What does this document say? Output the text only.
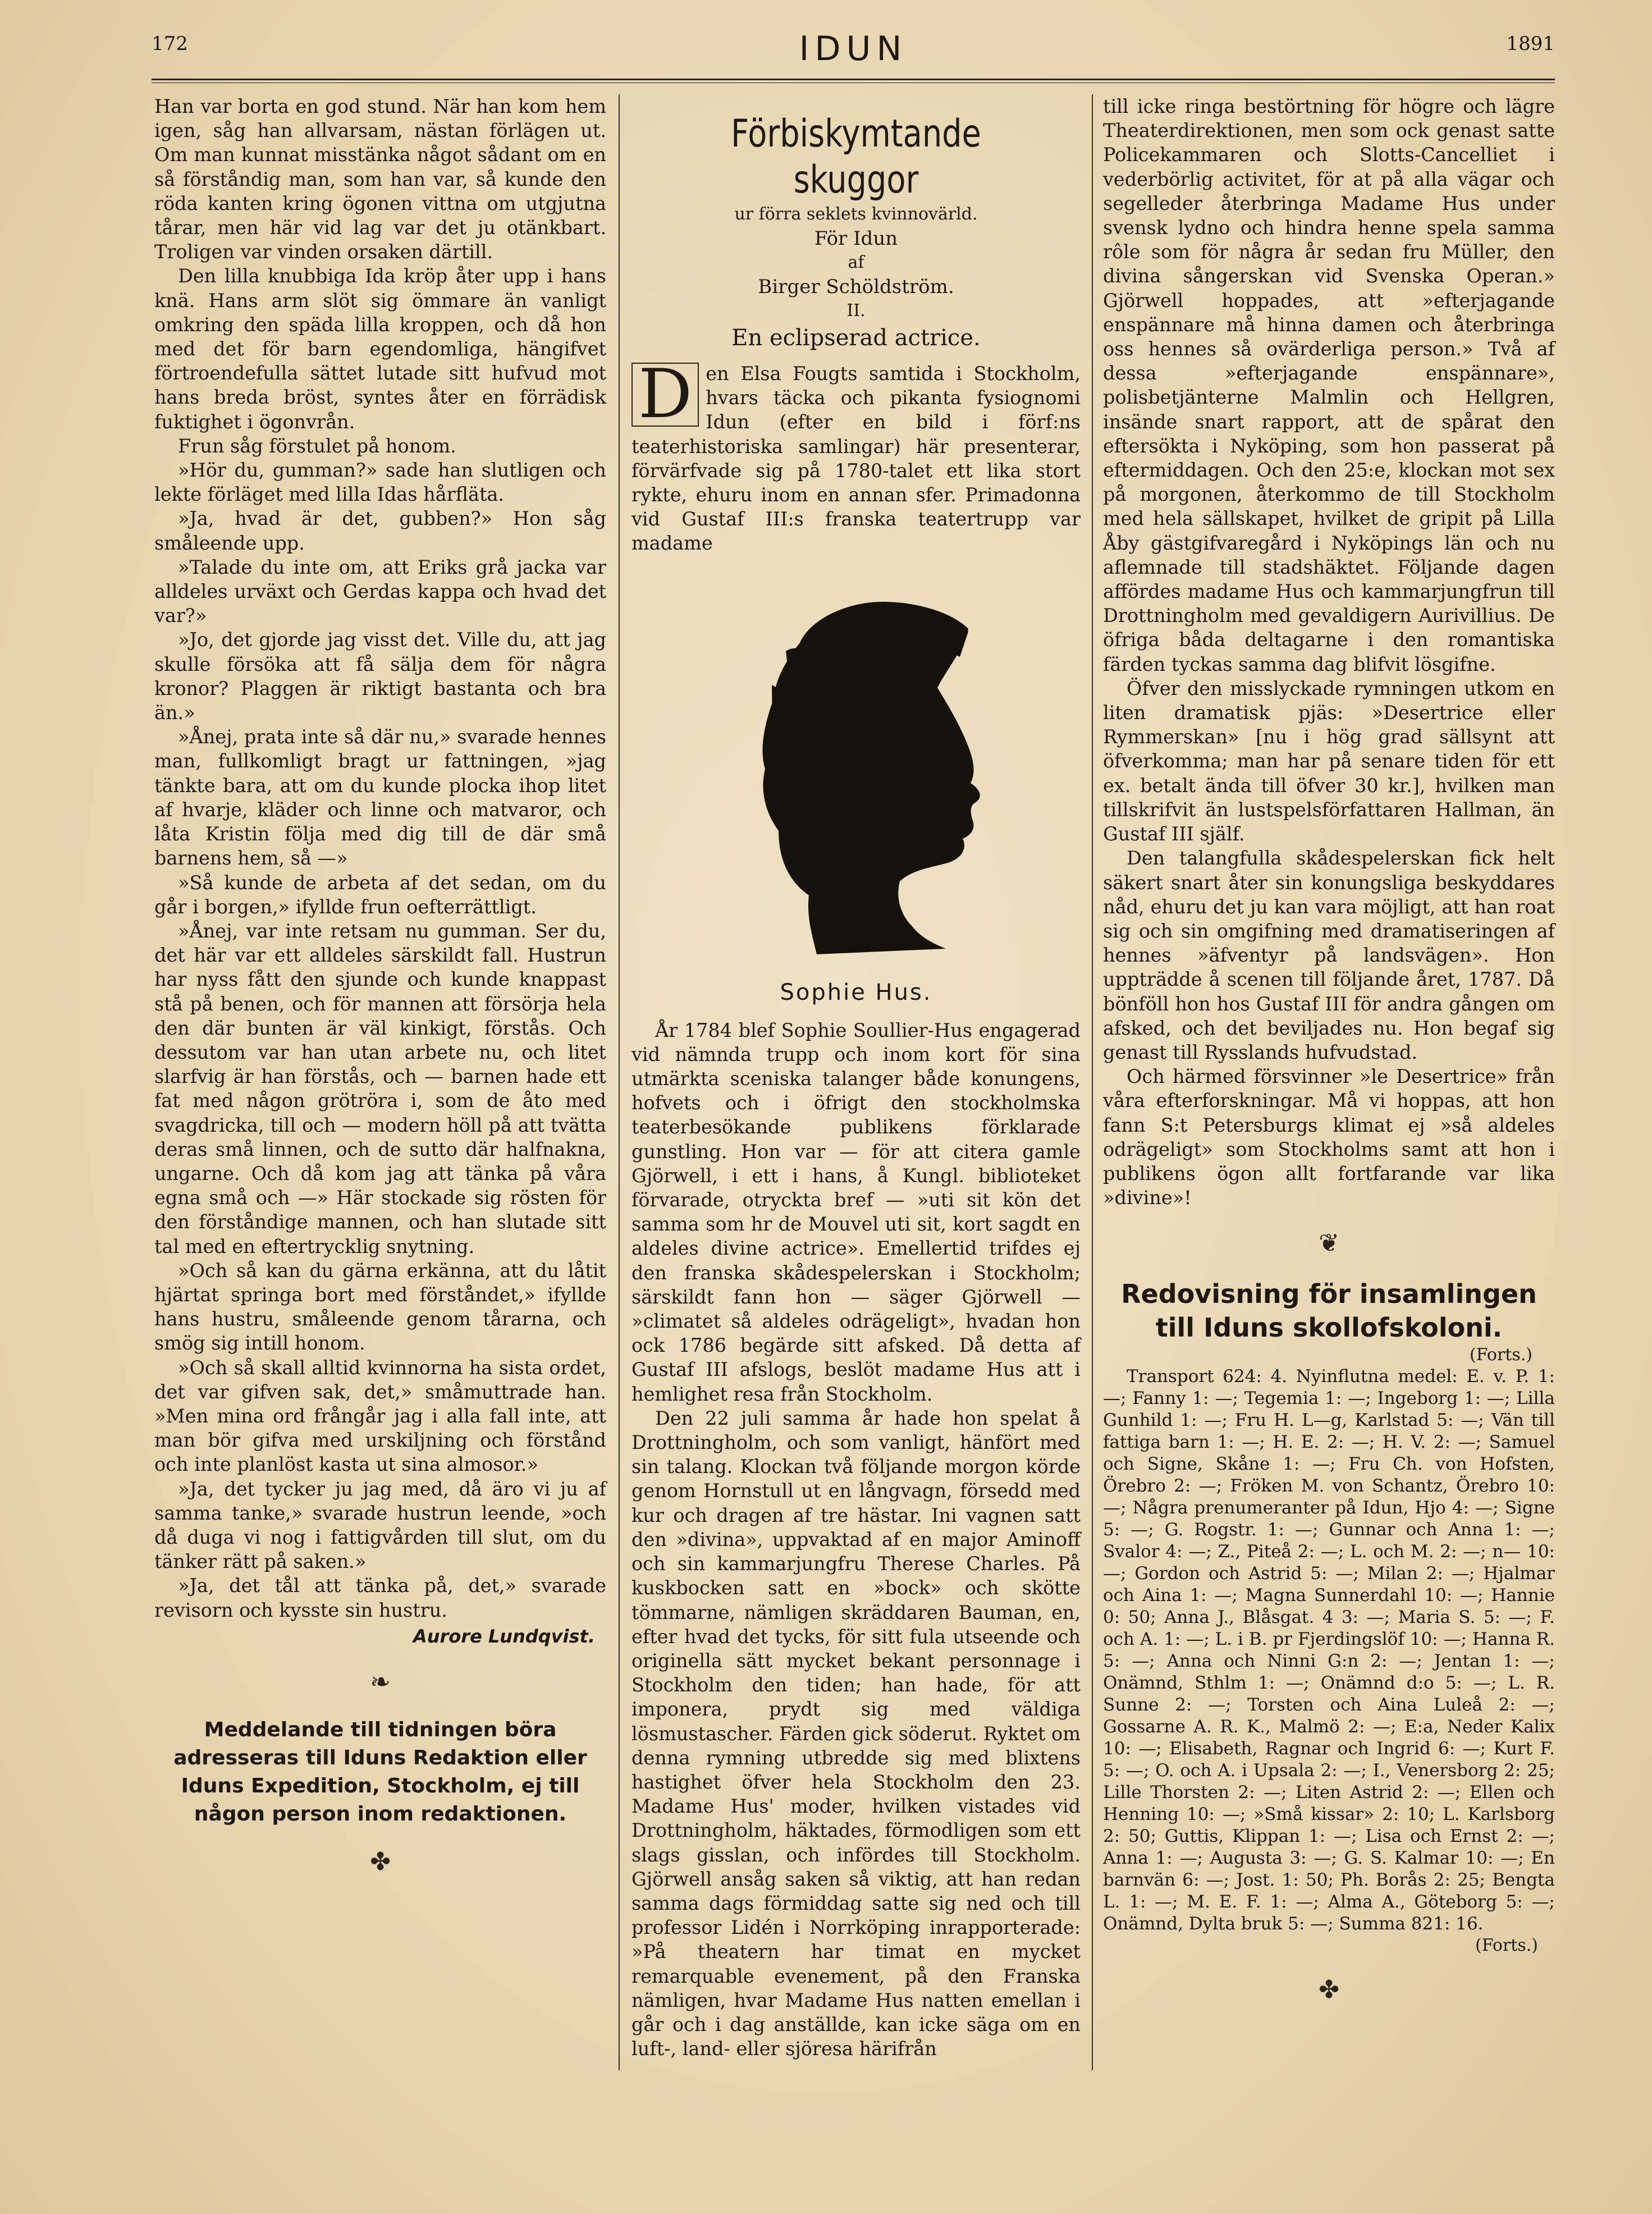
172	IDUN	1891

Han var borta en god stund. När han kom hem igen, såg han allvarsam, nästan förlägen ut. Om man kunnat misstänka något sådant om en så förståndig man, som han var, så kunde den röda kanten kring ögonen vittna om utgjutna tårar, men här vid lag var det ju otänkbart. Troligen var vinden orsaken därtill.

Den lilla knubbiga Ida kröp åter upp i hans knä. Hans arm slöt sig ömmare än vanligt omkring den späda lilla kroppen, och då hon med det för barn egendomliga, hängifvet förtroendefulla sättet lutade sitt hufvud mot hans breda bröst, syntes åter en förrädisk fuktighet i ögonvrån.

Frun såg förstulet på honom.

»Hör du, gumman?» sade han slutligen och lekte förläget med lilla Idas hårfläta.

»Ja, hvad är det, gubben?» Hon såg småleende upp.

»Talade du inte om, att Eriks grå jacka var alldeles urväxt och Gerdas kappa och hvad det var?»

»Jo, det gjorde jag visst det. Ville du, att jag skulle försöka att få sälja dem för några kronor? Plaggen är riktigt bastanta och bra än.»

»Ånej, prata inte så där nu,» svarade hennes man, fullkomligt bragt ur fattningen, »jag tänkte bara, att om du kunde plocka ihop litet af hvarje, kläder och linne och matvaror, och låta Kristin följa med dig till de där små barnens hem, så —»

»Så kunde de arbeta af det sedan, om du går i borgen,» ifyllde frun oefterrättligt.

»Ånej, var inte retsam nu gumman. Ser du, det här var ett alldeles särskildt fall. Hustrun har nyss fått den sjunde och kunde knappast stå på benen, och för mannen att försörja hela den där bunten är väl kinkigt, förstås. Och dessutom var han utan arbete nu, och litet slarfvig är han förstås, och — barnen hade ett fat med någon grötröra i, som de åto med svagdricka, till och — modern höll på att tvätta deras små linnen, och de sutto där halfnakna, ungarne. Och då kom jag att tänka på våra egna små och —» Här stockade sig rösten för den förståndige mannen, och han slutade sitt tal med en eftertrycklig snytning.

»Och så kan du gärna erkänna, att du låtit hjärtat springa bort med förståndet,» ifyllde hans hustru, småleende genom tårarna, och smög sig intill honom.

»Och så skall alltid kvinnorna ha sista ordet, det var gifven sak, det,» småmuttrade han. »Men mina ord frångår jag i alla fall inte, att man bör gifva med urskiljning och förstånd och inte planlöst kasta ut sina almosor.»

»Ja, det tycker ju jag med, då äro vi ju af samma tanke,» svarade hustrun leende, »och då duga vi nog i fattigvården till slut, om du tänker rätt på saken.»

»Ja, det tål att tänka på, det,» svarade revisorn och kysste sin hustru.

Aurore Lundqvist.
❧
Meddelande till tidningen böra adresseras till Iduns Redaktion eller Iduns Expedition, Stockholm, ej till någon person inom redaktionen.
✤
Förbiskymtande skuggor
ur förra seklets kvinnovärld.
För Idun
af
Birger Schöldström.
II.
En eclipserad actrice.

D en Elsa Fougts samtida i Stockholm, hvars täcka och pikanta fysiognomi Idun (efter en bild i förf:ns teaterhistoriska samlingar) här presenterar, förvärfvade sig på 1780-talet ett lika stort rykte, ehuru inom en annan sfer. Primadonna vid Gustaf III:s franska teatertrupp var madame

Sophie Hus.

År 1784 blef Sophie Soullier-Hus engagerad vid nämnda trupp och inom kort för sina utmärkta sceniska talanger både konungens, hofvets och i öfrigt den stockholmska teaterbesökande publikens förklarade gunstling. Hon var — för att citera gamle Gjörwell, i ett i hans, å Kungl. biblioteket förvarade, otryckta bref — »uti sit kön det samma som hr de Mouvel uti sit, kort sagdt en aldeles divine actrice». Emellertid trifdes ej den franska skådespelerskan i Stockholm; särskildt fann hon — säger Gjörwell — »climatet så aldeles odrägeligt», hvadan hon ock 1786 begärde sitt afsked. Då detta af Gustaf III afslogs, beslöt madame Hus att i hemlighet resa från Stockholm.

Den 22 juli samma år hade hon spelat å Drottningholm, och som vanligt, hänfört med sin talang. Klockan två följande morgon körde genom Hornstull ut en långvagn, försedd med kur och dragen af tre hästar. Ini vagnen satt den »divina», uppvaktad af en major Aminoff och sin kammarjungfru Therese Charles. På kuskbocken satt en »bock» och skötte tömmarne, nämligen skräddaren Bauman, en, efter hvad det tycks, för sitt fula utseende och originella sätt mycket bekant personnage i Stockholm den tiden; han hade, för att imponera, prydt sig med väldiga lösmustascher. Färden gick söderut. Ryktet om denna rymning utbredde sig med blixtens hastighet öfver hela Stockholm den 23. Madame Hus' moder, hvilken vistades vid Drottningholm, häktades, förmodligen som ett slags gisslan, och infördes till Stockholm. Gjörwell ansåg saken så viktig, att han redan samma dags förmiddag satte sig ned och till professor Lidén i Norrköping inrapporterade: »På theatern har timat en mycket remarquable evenement, på den Franska nämligen, hvar Madame Hus natten emellan i går och i dag anställde, kan icke säga om en luft-, land- eller sjöresa härifrån

till icke ringa bestörtning för högre och lägre Theaterdirektionen, men som ock genast satte Policekammaren och Slotts-Cancelliet i vederbörlig activitet, för at på alla vägar och segelleder återbringa Madame Hus under svensk lydno och hindra henne spela samma rôle som för några år sedan fru Müller, den divina sångerskan vid Svenska Operan.» Gjörwell hoppades, att »efterjagande enspännare må hinna damen och återbringa oss hennes så ovärderliga person.» Två af dessa »efterjagande enspännare», polisbetjänterne Malmlin och Hellgren, insände snart rapport, att de spårat den eftersökta i Nyköping, som hon passerat på eftermiddagen. Och den 25:e, klockan mot sex på morgonen, återkommo de till Stockholm med hela sällskapet, hvilket de gripit på Lilla Åby gästgifvaregård i Nyköpings län och nu aflemnade till stadshäktet. Följande dagen affördes madame Hus och kammarjungfrun till Drottningholm med gevaldigern Aurivillius. De öfriga båda deltagarne i den romantiska färden tyckas samma dag blifvit lösgifne.

Öfver den misslyckade rymningen utkom en liten dramatisk pjäs: »Desertrice eller Rymmerskan» [nu i hög grad sällsynt att öfverkomma; man har på senare tiden för ett ex. betalt ända till öfver 30 kr.], hvilken man tillskrifvit än lustspelsförfattaren Hallman, än Gustaf III själf.

Den talangfulla skådespelerskan fick helt säkert snart åter sin konungsliga beskyddares nåd, ehuru det ju kan vara möjligt, att han roat sig och sin omgifning med dramatiseringen af hennes »äfventyr på landsvägen». Hon uppträdde å scenen till följande året, 1787. Då bönföll hon hos Gustaf III för andra gången om afsked, och det beviljades nu. Hon begaf sig genast till Rysslands hufvudstad.

Och härmed försvinner »le Desertrice» från våra efterforskningar. Må vi hoppas, att hon fann S:t Petersburgs klimat ej »så aldeles odrägeligt» som Stockholms samt att hon i publikens ögon allt fortfarande var lika »divine»!

❦
Redovisning för insamlingen till Iduns skollofskoloni.
(Forts.)

Transport 624: 4. Nyinflutna medel: E. v. P. 1: —; Fanny 1: —; Tegemia 1: —; Ingeborg 1: —; Lilla Gunhild 1: —; Fru H. L—g, Karlstad 5: —; Vän till fattiga barn 1: —; H. E. 2: —; H. V. 2: —; Samuel och Signe, Skåne 1: —; Fru Ch. von Hofsten, Örebro 2: —; Fröken M. von Schantz, Örebro 10: —; Några prenumeranter på Idun, Hjo 4: —; Signe 5: —; G. Rogstr. 1: —; Gunnar och Anna 1: —; Svalor 4: —; Z., Piteå 2: —; L. och M. 2: —; n— 10: —; Gordon och Astrid 5: —; Milan 2: —; Hjalmar och Aina 1: —; Magna Sunnerdahl 10: —; Hannie 0: 50; Anna J., Blåsgat. 4 3: —; Maria S. 5: —; F. och A. 1: —; L. i B. pr Fjerdingslöf 10: —; Hanna R. 5: —; Anna och Ninni G:n 2: —; Jentan 1: —; Onämnd, Sthlm 1: —; Onämnd d:o 5: —; L. R. Sunne 2: —; Torsten och Aina Luleå 2: —; Gossarne A. R. K., Malmö 2: —; E:a, Neder Kalix 10: —; Elisabeth, Ragnar och Ingrid 6: —; Kurt F. 5: —; O. och A. i Upsala 2: —; I., Venersborg 2: 25; Lille Thorsten 2: —; Liten Astrid 2: —; Ellen och Henning 10: —; »Små kissar» 2: 10; L. Karlsborg 2: 50; Guttis, Klippan 1: —; Lisa och Ernst 2: —; Anna 1: —; Augusta 3: —; G. S. Kalmar 10: —; En barnvän 6: —; Jost. 1: 50; Ph. Borås 2: 25; Bengta L. 1: —; M. E. F. 1: —; Alma A., Göteborg 5: —; Onämnd, Dylta bruk 5: —; Summa 821: 16.

(Forts.)
✤
